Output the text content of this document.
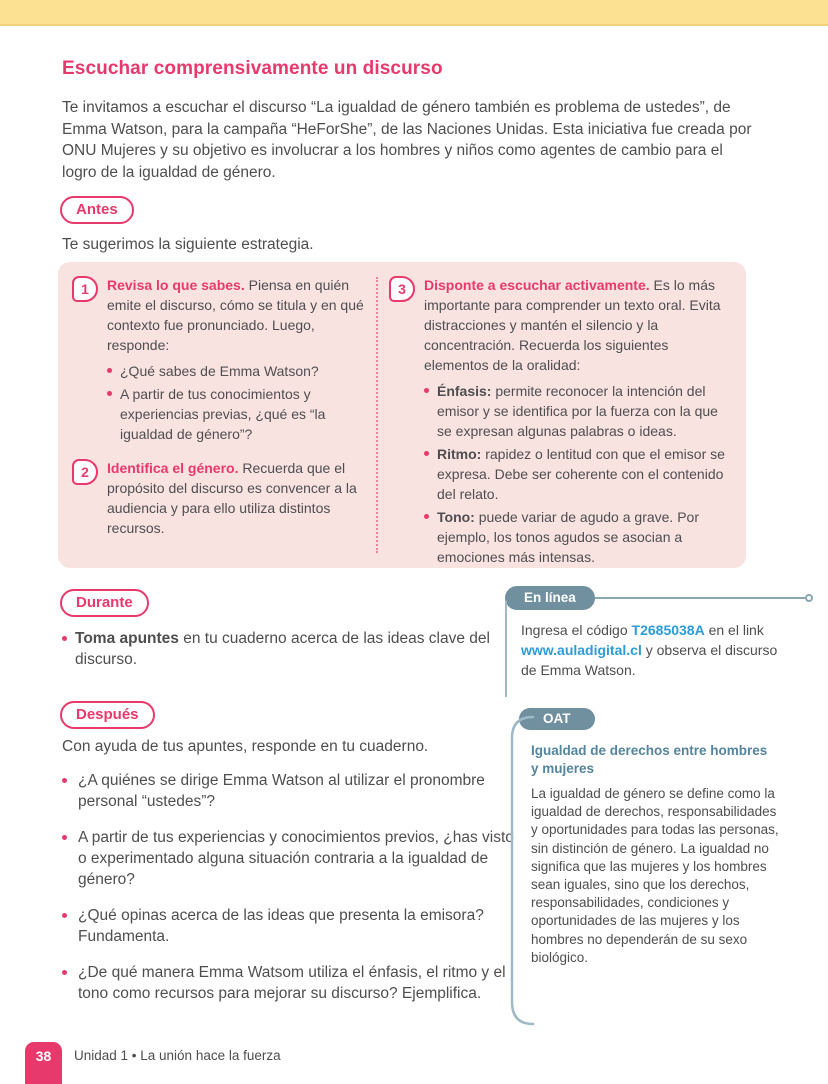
Escuchar comprensivamente un discurso

Te invitamos a escuchar el discurso “La igualdad de género también es problema de ustedes”, de Emma Watson, para la campaña “HeForShe”, de las Naciones Unidas. Esta iniciativa fue creada por ONU Mujeres y su objetivo es involucrar a los hombres y niños como agentes de cambio para el logro de la igualdad de género.

Antes

Te sugerimos la siguiente estrategia.

1	Revisa lo que sabes. Piensa en quién emite el discurso, cómo se titula y en qué contexto fue pronunciado. Luego, responde:

¿Qué sabes de Emma Watson?
A partir de tus conocimientos y experiencias previas, ¿qué es “la igualdad de género”?
2	Identifica el género. Recuerda que el propósito del discurso es convencer a la audiencia y para ello utiliza distintos recursos.

3	Disponte a escuchar activamente. Es lo más importante para comprender un texto oral. Evita distracciones y mantén el silencio y la concentración. Recuerda los siguientes elementos de la oralidad:

Énfasis: permite reconocer la intención del emisor y se identifica por la fuerza con la que se expresan algunas palabras o ideas.
Ritmo: rapidez o lentitud con que el emisor se expresa. Debe ser coherente con el contenido del relato.
Tono: puede variar de agudo a grave. Por ejemplo, los tonos agudos se asocian a emociones más intensas.
Durante
Toma apuntes en tu cuaderno acerca de las ideas clave del discurso.
Después

Con ayuda de tus apuntes, responde en tu cuaderno.

¿A quiénes se dirige Emma Watson al utilizar el pronombre personal “ustedes”?
A partir de tus experiencias y conocimientos previos, ¿has visto o experimentado alguna situación contraria a la igualdad de género?
¿Qué opinas acerca de las ideas que presenta la emisora? Fundamenta.
¿De qué manera Emma Watsom utiliza el énfasis, el ritmo y el tono como recursos para mejorar su discurso? Ejemplifica.
En línea

Ingresa el código T2685038A en el link www.auladigital.cl y observa el discurso de Emma Watson.

OAT
Igualdad de derechos entre hombres y mujeres

La igualdad de género se define como la igualdad de derechos, responsabilidades y oportunidades para todas las personas, sin distinción de género. La igualdad no significa que las mujeres y los hombres sean iguales, sino que los derechos, responsabilidades, condiciones y oportunidades de las mujeres y los hombres no dependerán de su sexo biológico.

38	Unidad 1 • La unión hace la fuerza
